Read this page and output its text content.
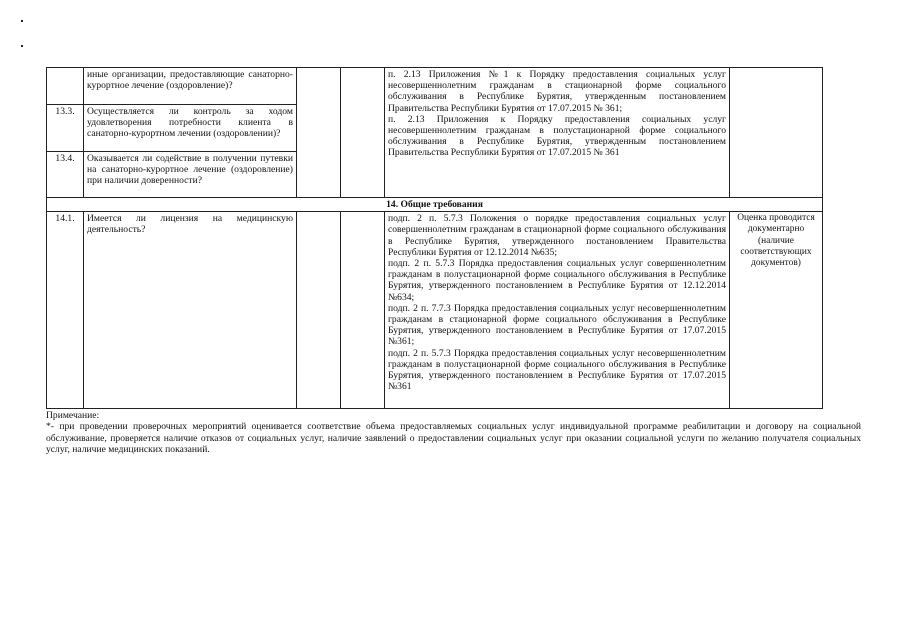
	иные организации, предоставляющие санаторно-курортное лечение (оздоровление)?			п. 2.13 Приложения №1 к Порядку предоставления социальных услуг несовершеннолетним гражданам в стационарной форме социального обслуживания в Республике Бурятия, утвержденным постановлением Правительства Республики Бурятия от 17.07.2015 № 361;
п. 2.13 Приложения к Порядку предоставления социальных услуг несовершеннолетним гражданам в полустационарной форме социального обслуживания в Республике Бурятия, утвержденным постановлением Правительства Республики Бурятия от 17.07.2015 № 361	

13.3.	Осуществляется ли контроль за ходом удовлетворения потребности клиента в санаторно-курортном лечении (оздоровлении)?				
13.4.	Оказывается ли содействие в получении путевки на санаторно-курортное лечение (оздоровление) при наличии доверенности?				
14. Общие требования					
14.1.	Имеется ли лицензия на медицинскую деятельность?			подп. 2 п. 5.7.3 Положения о порядке предоставления социальных услуг совершеннолетним гражданам в стационарной форме социального обслуживания в Республике Бурятия, утвержденного постановлением Правительства Республики Бурятия от 12.12.2014 №635;
подп. 2 п. 5.7.3 Порядка предоставления социальных услуг совершеннолетним гражданам в полустационарной форме социального обслуживания в Республике Бурятия, утвержденного постановлением в Республике Бурятия от 12.12.2014 №634;
подп. 2 п. 7.7.3 Порядка предоставления социальных услуг несовершеннолетним гражданам в стационарной форме социального обслуживания в Республике Бурятия, утвержденного постановлением в Республике Бурятия от 17.07.2015 №361;
подп. 2 п. 5.7.3 Порядка предоставления социальных услуг несовершеннолетним гражданам в полустационарной форме социального обслуживания в Республике Бурятия, утвержденного постановлением в Республике Бурятия от 17.07.2015 №361	Оценка проводится документарно (наличие соответствующих документов)

Примечание:

*- при проведении проверочных мероприятий оценивается соответствие объема предоставляемых социальных услуг индивидуальной программе реабилитации и договору на социальной обслуживание, проверяется наличие отказов от социальных услуг, наличие заявлений о предоставлении социальных услуг при оказании социальной услуги по желанию получателя социальных услуг, наличие медицинских показаний.
